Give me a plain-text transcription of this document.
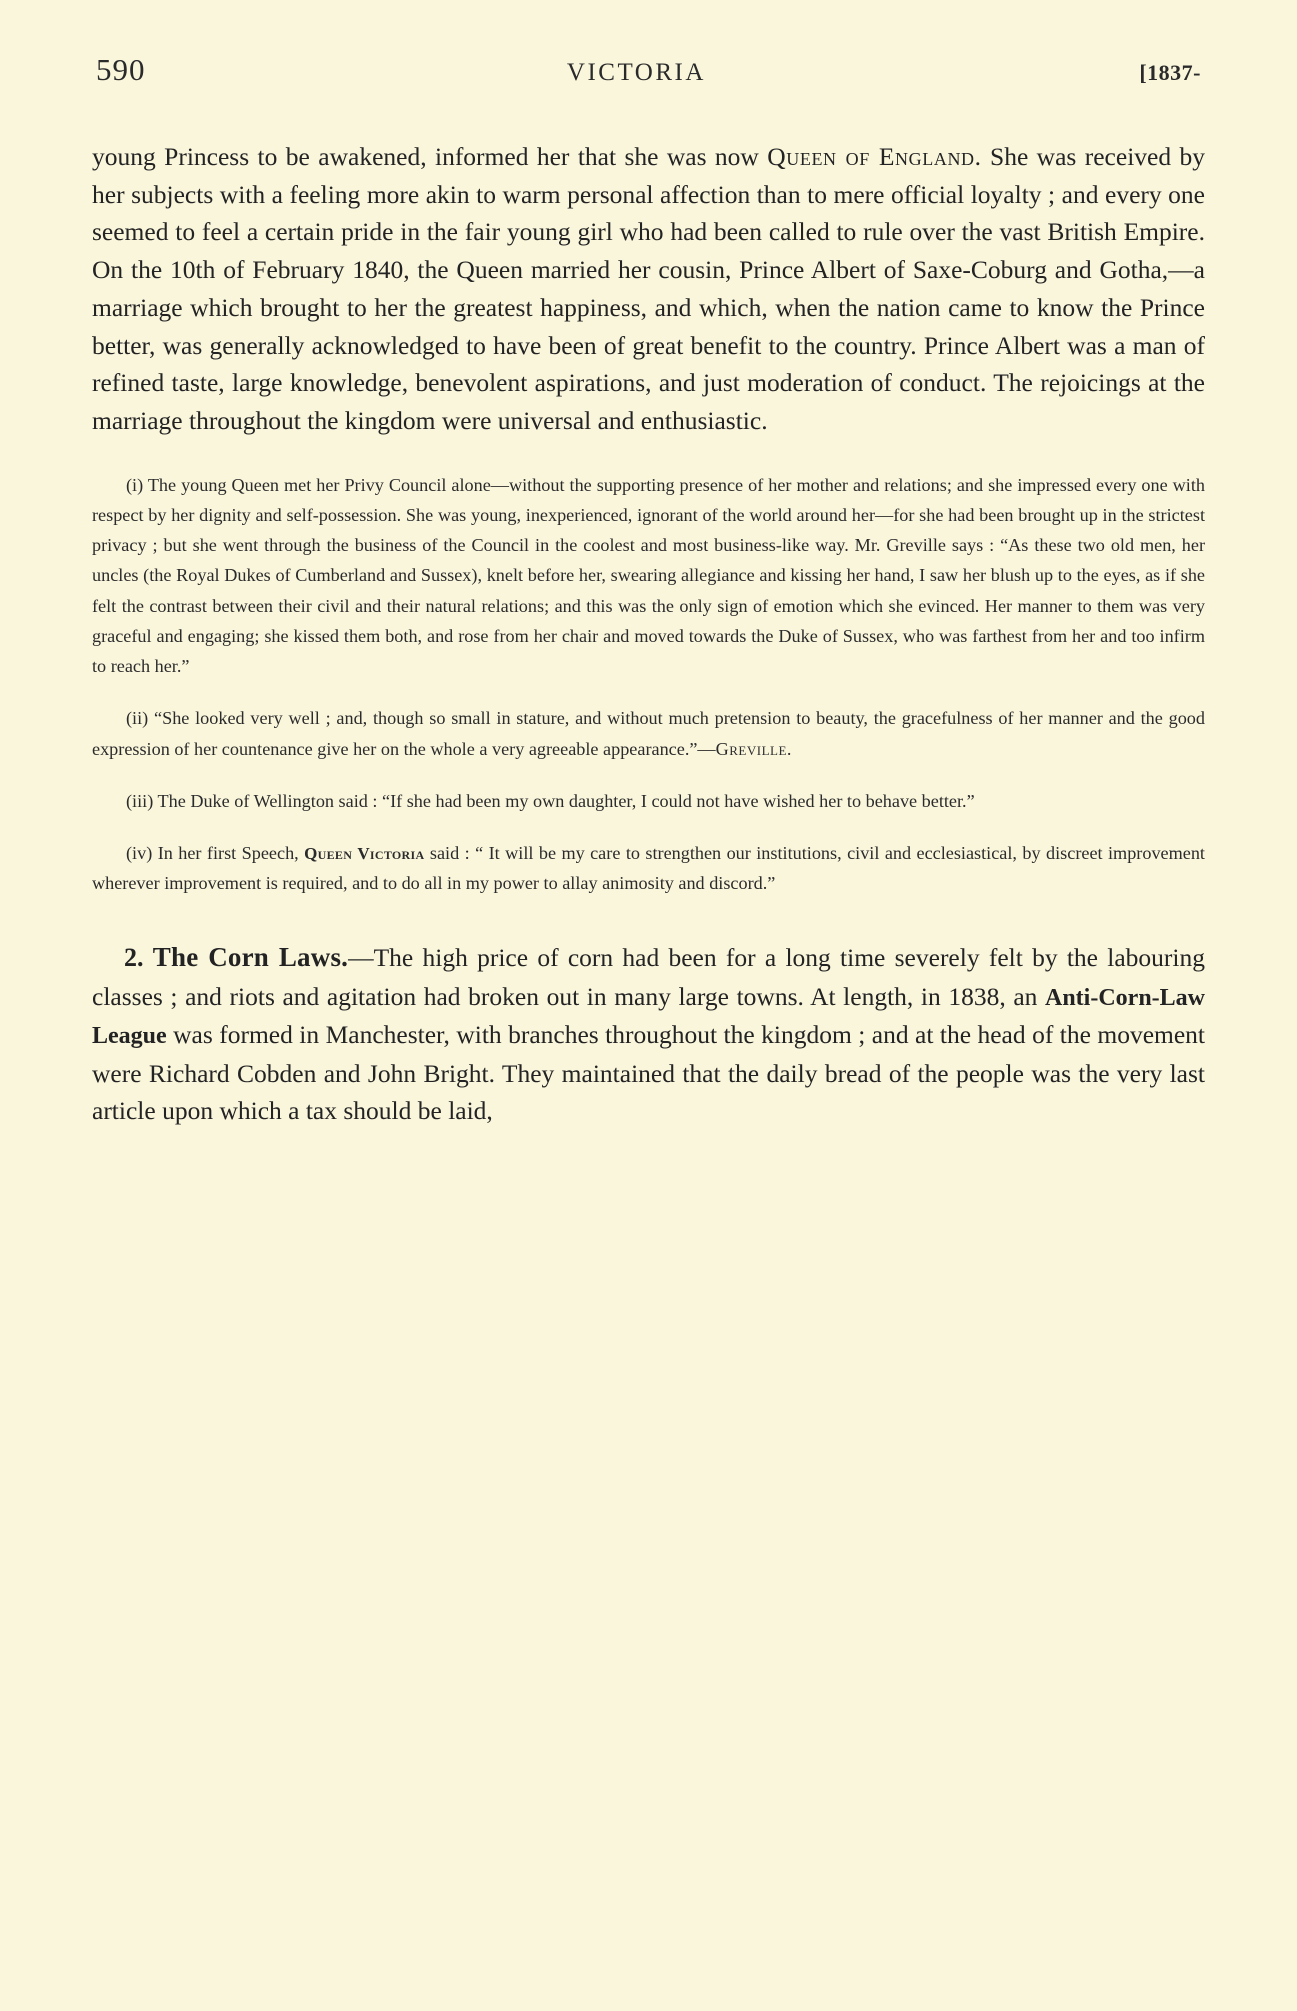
590	VICTORIA	[1837-

young Princess to be awakened, informed her that she was now Queen of England. She was received by her subjects with a feeling more akin to warm personal affection than to mere official loyalty ; and every one seemed to feel a certain pride in the fair young girl who had been called to rule over the vast British Empire. On the 10th of February 1840, the Queen married her cousin, Prince Albert of Saxe-Coburg and Gotha,—a marriage which brought to her the greatest happiness, and which, when the nation came to know the Prince better, was generally acknowledged to have been of great benefit to the country. Prince Albert was a man of refined taste, large knowledge, benevolent aspirations, and just moderation of conduct. The rejoicings at the marriage throughout the kingdom were universal and enthusiastic.

(i) The young Queen met her Privy Council alone—without the supporting presence of her mother and relations; and she impressed every one with respect by her dignity and self-possession. She was young, inexperienced, ignorant of the world around her—for she had been brought up in the strictest privacy ; but she went through the business of the Council in the coolest and most business-like way. Mr. Greville says : “As these two old men, her uncles (the Royal Dukes of Cumberland and Sussex), knelt before her, swearing allegiance and kissing her hand, I saw her blush up to the eyes, as if she felt the contrast between their civil and their natural relations; and this was the only sign of emotion which she evinced. Her manner to them was very graceful and engaging; she kissed them both, and rose from her chair and moved towards the Duke of Sussex, who was farthest from her and too infirm to reach her.”

(ii) “She looked very well ; and, though so small in stature, and without much pretension to beauty, the gracefulness of her manner and the good expression of her countenance give her on the whole a very agreeable appearance.”—Greville.

(iii) The Duke of Wellington said : “If she had been my own daughter, I could not have wished her to behave better.”

(iv) In her first Speech, Queen Victoria said : “ It will be my care to strengthen our institutions, civil and ecclesiastical, by discreet improvement wherever improvement is required, and to do all in my power to allay animosity and discord.”

2. The Corn Laws.—The high price of corn had been for a long time severely felt by the labouring classes ; and riots and agitation had broken out in many large towns. At length, in 1838, an Anti-Corn-Law League was formed in Manchester, with branches throughout the kingdom ; and at the head of the movement were Richard Cobden and John Bright. They maintained that the daily bread of the people was the very last article upon which a tax should be laid,
